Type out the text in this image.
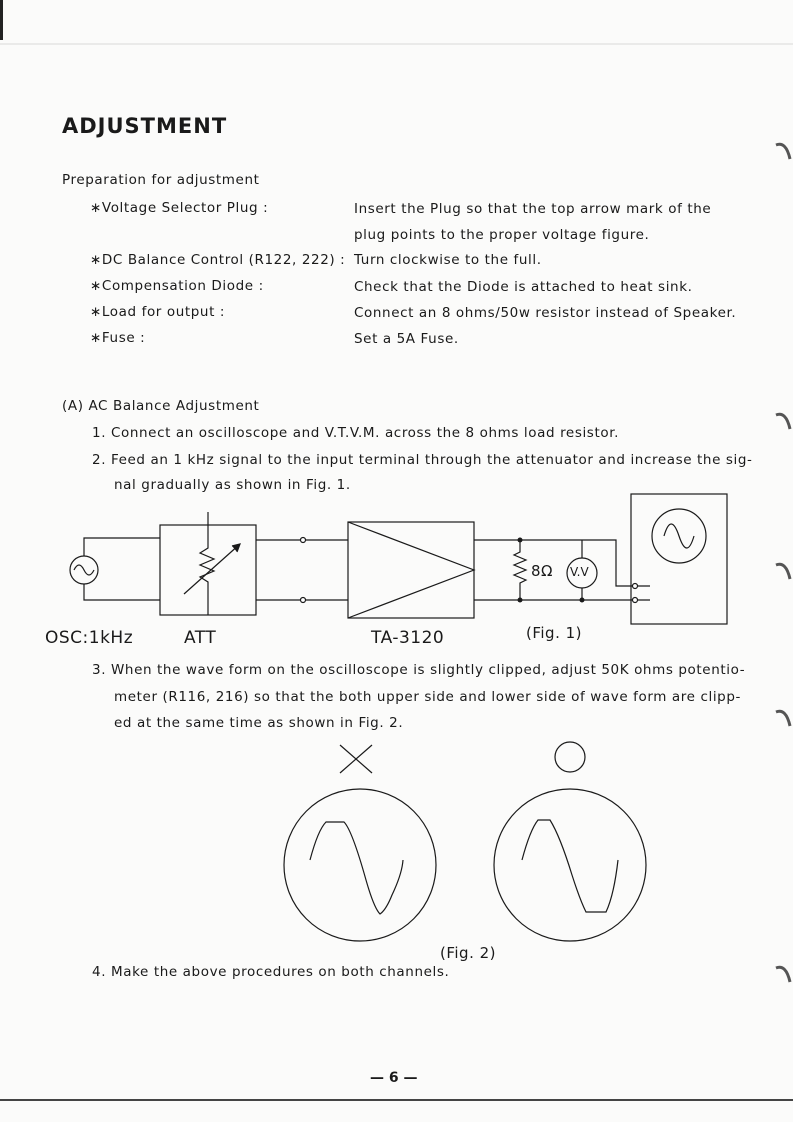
ADJUSTMENT
Preparation for adjustment
∗Voltage Selector Plug :	Insert the Plug so that the top arrow mark of the
plug points to the proper voltage figure.
∗DC Balance Control (R122, 222) : Turn clockwise to the full.
∗Compensation Diode :	Check that the Diode is attached to heat sink.
∗Load for output :	Connect an 8 ohms/50w resistor instead of Speaker.
∗Fuse :	Set a 5A Fuse.
(A) AC Balance Adjustment
1. Connect an oscilloscope and V.T.V.M. across the 8 ohms load resistor.
2. Feed an 1 kHz signal to the input terminal through the attenuator and increase the sig-
nal gradually as shown in Fig. 1.
OSC:1kHz	ATT	TA-3120
8Ω V.V
(Fig. 1)
3. When the wave form on the oscilloscope is slightly clipped, adjust 50K ohms potentio-
meter (R116, 216) so that the both upper side and lower side of wave form are clipp-
ed at the same time as shown in Fig. 2.
×	○
(Fig. 2)
4. Make the above procedures on both channels.
— 6 —
